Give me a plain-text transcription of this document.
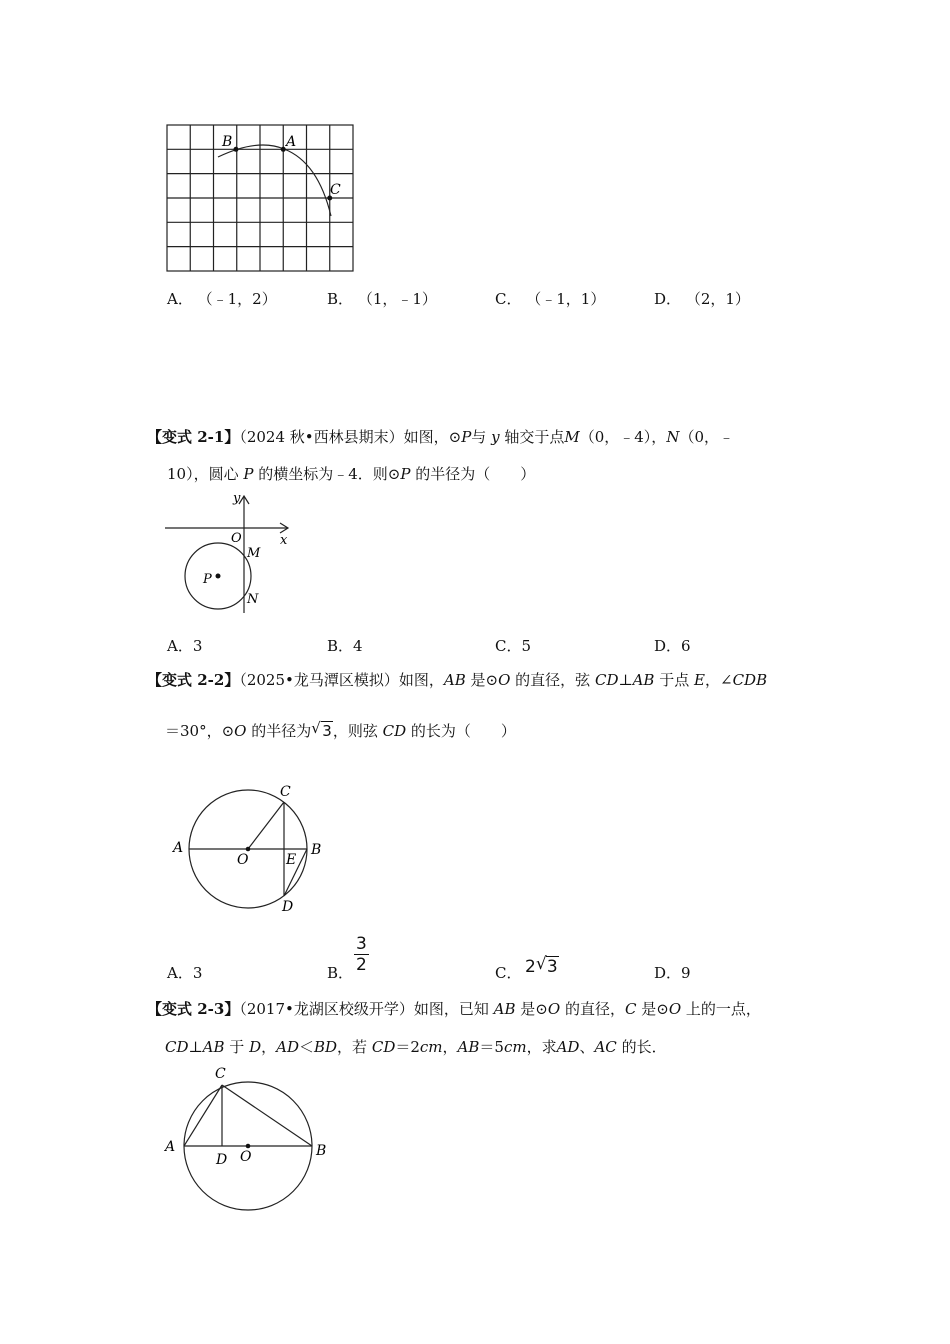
B	A
C
A． （﹣1，2）	B． （1，﹣1）	C． （﹣1，1）	D． （2，1）
【变式 2-1】（2024 秋•西林县期末）如图，⊙P与 y 轴交于点M（0，﹣4），N（0，﹣
10），圆心 P 的横坐标为﹣4．则⊙P 的半径为（　　）
y
x
O
M
P
N
A．3	B．4	C．5	D．6
【变式 2-2】（2025•龙马潭区模拟）如图，AB 是⊙O 的直径，弦 CD⊥AB 于点 E，∠CDB
＝30°，⊙O 的半径为 √ 3，则弦 CD 的长为（　　）
A
O	E
B
C
D
A．3	B． $\frac{3}{2}$	C． 2 √ 3	D．9
【变式 2-3】（2017•龙湖区校级开学）如图，已知 AB 是⊙O 的直径，C 是⊙O 上的一点，
CD⊥AB 于 D，AD＜BD，若 CD＝2cm，AB＝5cm，求AD、AC 的长．
C
A
D O	B
